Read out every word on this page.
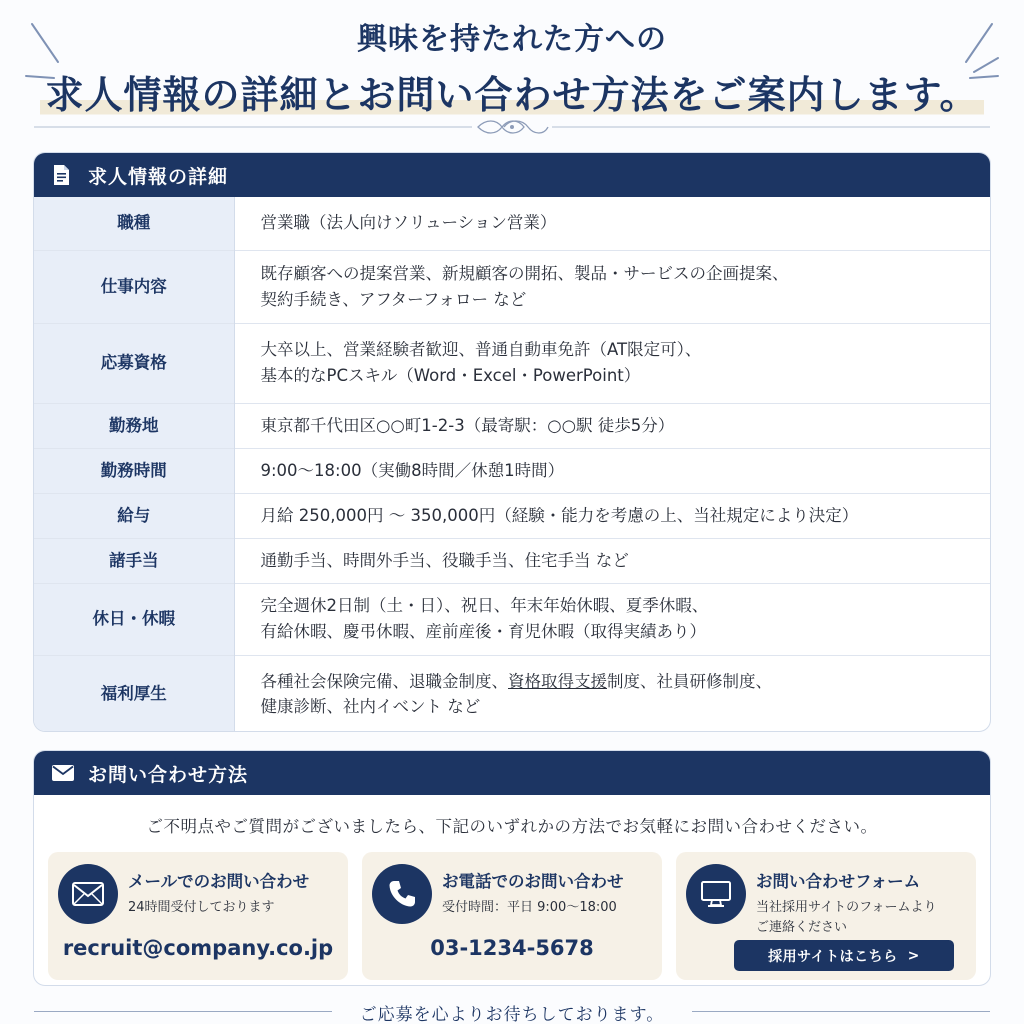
興味を持たれた方への
求人情報の詳細とお問い合わせ方法をご案内します。
求人情報の詳細
職種	営業職（法人向けソリューション営業）

仕事内容	既存顧客への提案営業、新規顧客の開拓、製品・サービスの企画提案、
契約手続き、アフターフォロー など

応募資格	大卒以上、営業経験者歓迎、普通自動車免許（AT限定可）、
基本的なPCスキル（Word・Excel・PowerPoint）

勤務地	東京都千代田区○○町1-2-3（最寄駅：○○駅 徒歩5分）

勤務時間	9:00〜18:00（実働8時間／休憩1時間）

給与	月給 250,000円 〜 350,000円（経験・能力を考慮の上、当社規定により決定）

諸手当	通勤手当、時間外手当、役職手当、住宅手当 など

休日・休暇	完全週休2日制（土・日）、祝日、年末年始休暇、夏季休暇、
有給休暇、慶弔休暇、産前産後・育児休暇（取得実績あり）

福利厚生	各種社会保険完備、退職金制度、資格取得支援制度、社員研修制度、
健康診断、社内イベント など
お問い合わせ方法
ご不明点やご質問がございましたら、下記のいずれかの方法でお気軽にお問い合わせください。
メールでのお問い合わせ
24時間受付しております
recruit@company.co.jp
お電話でのお問い合わせ
受付時間：平日 9:00〜18:00
03-1234-5678
お問い合わせフォーム
当社採用サイトのフォームより
ご連絡ください
採用サイトはこちら >
ご応募を心よりお待ちしております。
